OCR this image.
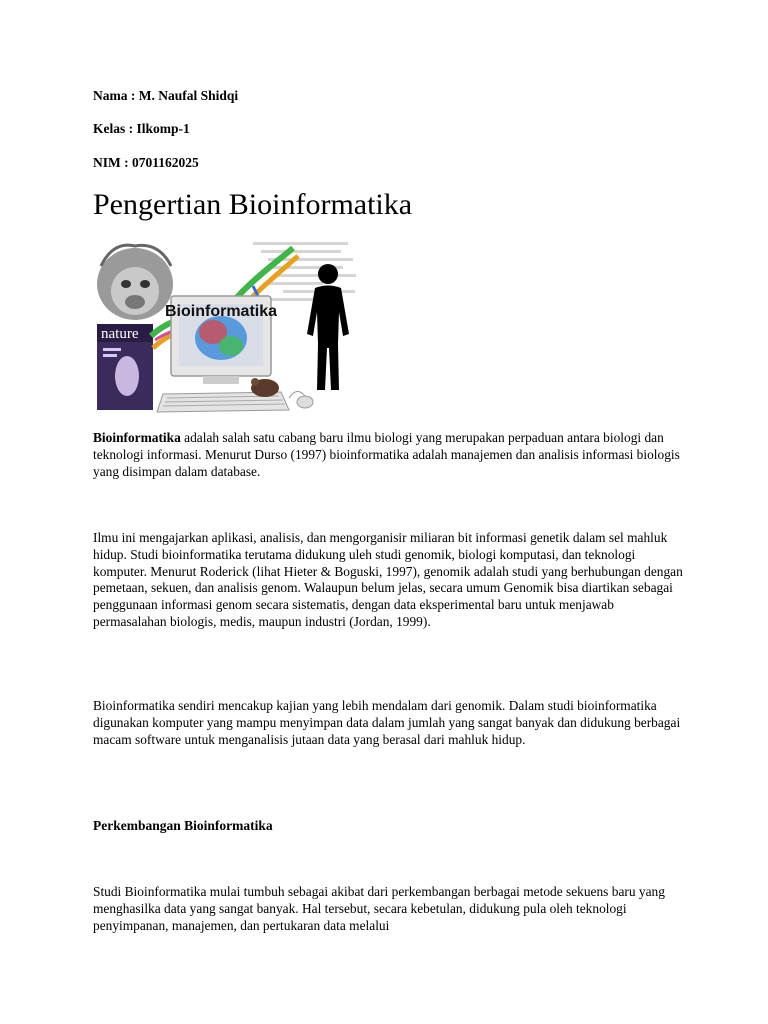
Nama : M. Naufal Shidqi
Kelas : Ilkomp-1
NIM : 0701162025
Pengertian Bioinformatika
nature
Bioinformatika

Bioinformatika adalah salah satu cabang baru ilmu biologi yang merupakan perpaduan antara biologi dan teknologi informasi. Menurut Durso (1997) bioinformatika adalah manajemen dan analisis informasi biologis yang disimpan dalam database.

Ilmu ini mengajarkan aplikasi, analisis, dan mengorganisir miliaran bit informasi genetik dalam sel mahluk hidup. Studi bioinformatika terutama didukung uleh studi genomik, biologi komputasi, dan teknologi komputer. Menurut Roderick (lihat Hieter & Boguski, 1997), genomik adalah studi yang berhubungan dengan pemetaan, sekuen, dan analisis genom. Walaupun belum jelas, secara umum Genomik bisa diartikan sebagai penggunaan informasi genom secara sistematis, dengan data eksperimental baru untuk menjawab permasalahan biologis, medis, maupun industri (Jordan, 1999).

Bioinformatika sendiri mencakup kajian yang lebih mendalam dari genomik. Dalam studi bioinformatika digunakan komputer yang mampu menyimpan data dalam jumlah yang sangat banyak dan didukung berbagai macam software untuk menganalisis jutaan data yang berasal dari mahluk hidup.

Perkembangan Bioinformatika

Studi Bioinformatika mulai tumbuh sebagai akibat dari perkembangan berbagai metode sekuens baru yang menghasilka data yang sangat banyak. Hal tersebut, secara kebetulan, didukung pula oleh teknologi penyimpanan, manajemen, dan pertukaran data melalui
